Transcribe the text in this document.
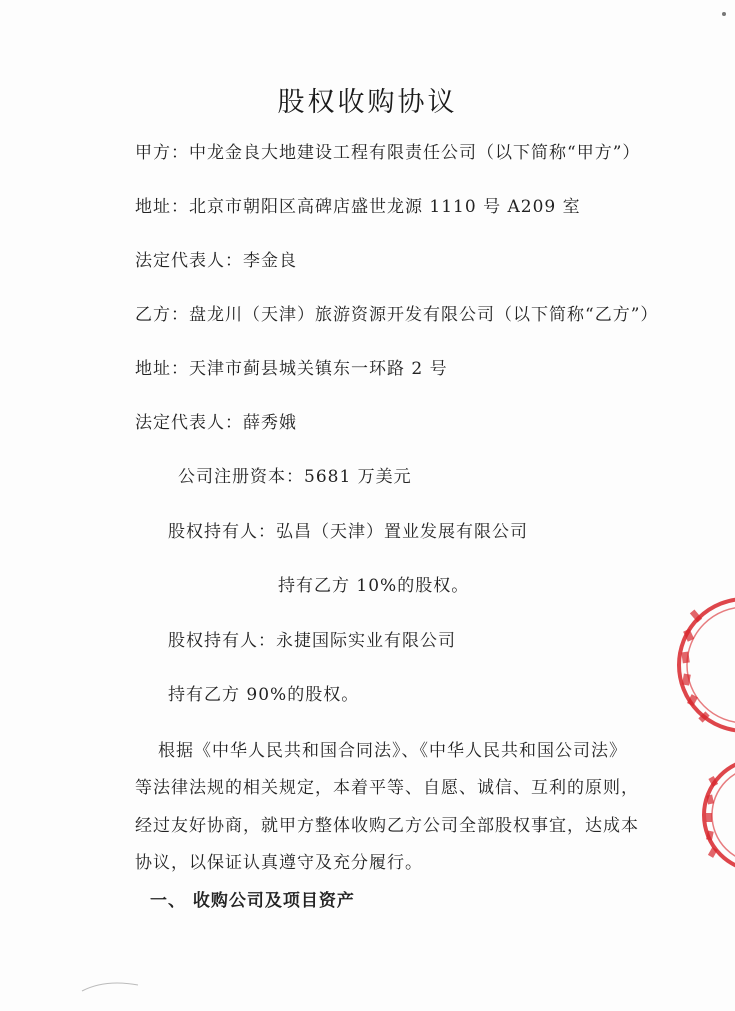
股权收购协议
甲方：中龙金良大地建设工程有限责任公司（以下简称“甲方”）
地址：北京市朝阳区高碑店盛世龙源 1110 号 A209 室
法定代表人：李金良
乙方：盘龙川（天津）旅游资源开发有限公司（以下简称“乙方”）
地址：天津市蓟县城关镇东一环路 2 号
法定代表人：薛秀娥
公司注册资本：5681 万美元
股权持有人：弘昌（天津）置业发展有限公司
持有乙方 10%的股权。
股权持有人：永捷国际实业有限公司
持有乙方 90%的股权。
根据《中华人民共和国合同法》、《中华人民共和国公司法》
等法律法规的相关规定，本着平等、自愿、诚信、互利的原则，
经过友好协商，就甲方整体收购乙方公司全部股权事宜，达成本
协议，以保证认真遵守及充分履行。
一、 收购公司及项目资产
